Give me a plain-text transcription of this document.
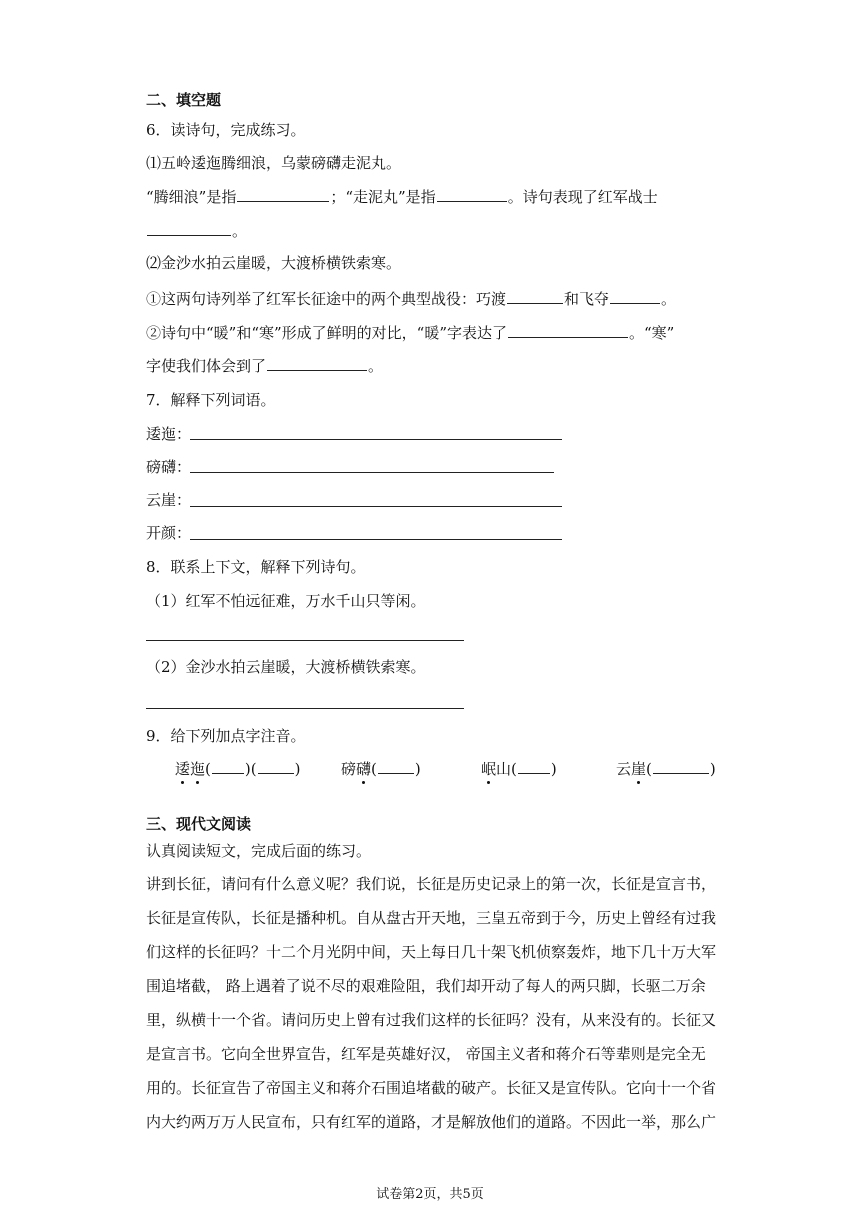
二、填空题
6．读诗句，完成练习。
⑴五岭逶迤腾细浪，乌蒙磅礴走泥丸。
“腾细浪”是指	；“走泥丸”是指	。诗句表现了红军战士
。
⑵金沙水拍云崖暖，大渡桥横铁索寒。
①这两句诗列举了红军长征途中的两个典型战役：巧渡	和飞夺	。
②诗句中“暖”和“寒”形成了鲜明的对比，“暖”字表达了	。“寒”
字使我们体会到了	。
7．解释下列词语。
逶迤：
磅礴：
云崖：
开颜：
8．联系上下文，解释下列诗句。
（1）红军不怕远征难，万水千山只等闲。
（2）金沙水拍云崖暖，大渡桥横铁索寒。
9．给下列加点字注音。
逶迤( )(	)	磅礴(	)	岷山( )	云崖(	)
三、现代文阅读
认真阅读短文，完成后面的练习。
讲到长征，请问有什么意义呢？我们说，长征是历史记录上的第一次，长征是宣言书，
长征是宣传队，长征是播种机。自从盘古开天地，三皇五帝到于今，历史上曾经有过我
们这样的长征吗？十二个月光阴中间，天上每日几十架飞机侦察轰炸，地下几十万大军
围追堵截， 路上遇着了说不尽的艰难险阻，我们却开动了每人的两只脚，长驱二万余
里，纵横十一个省。请问历史上曾有过我们这样的长征吗？没有，从来没有的。长征又
是宣言书。它向全世界宣告，红军是英雄好汉， 帝国主义者和蒋介石等辈则是完全无
用的。长征宣告了帝国主义和蒋介石围追堵截的破产。长征又是宣传队。它向十一个省
内大约两万万人民宣布，只有红军的道路，才是解放他们的道路。不因此一举，那么广
试卷第2页，共5页
